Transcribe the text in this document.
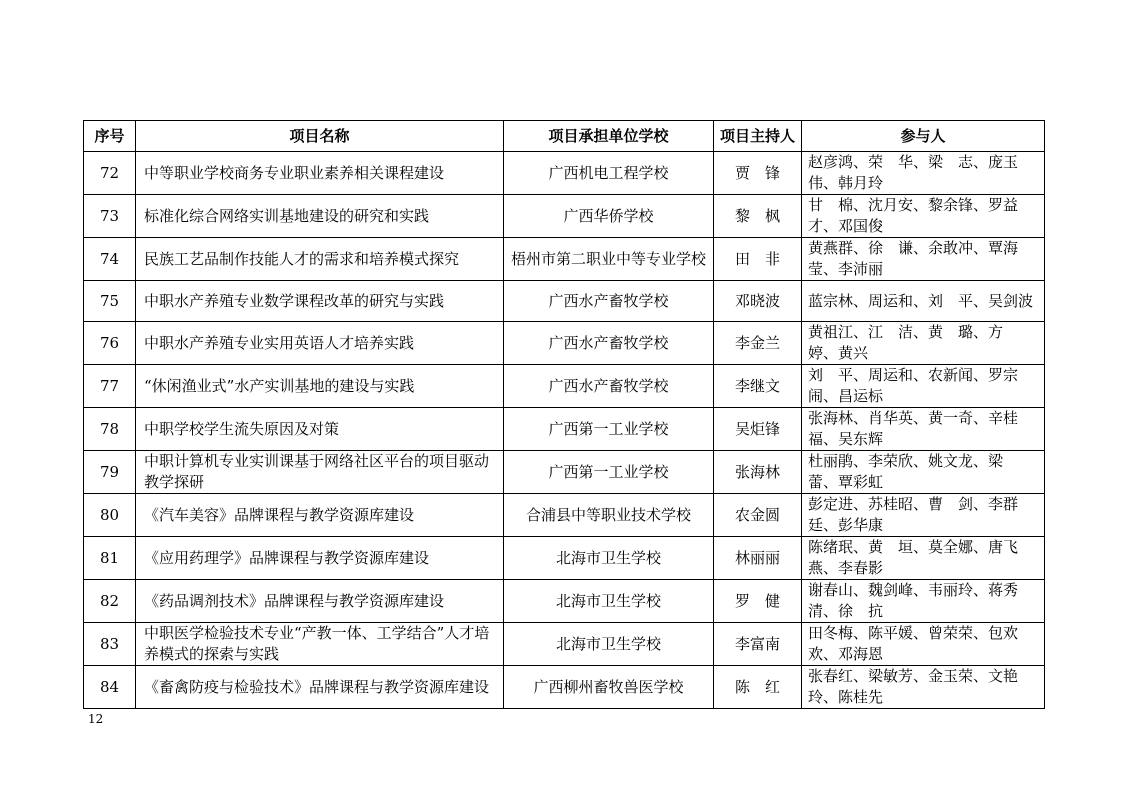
序号	项目名称	项目承担单位学校	项目主持人	参与人
72	中等职业学校商务专业职业素养相关课程建设	广西机电工程学校	贾　锋	赵彦鸿、荣　华、梁　志、庞玉伟、韩月玲
73	标准化综合网络实训基地建设的研究和实践	广西华侨学校	黎　枫	甘　棉、沈月安、黎余锋、罗益才、邓国俊
74	民族工艺品制作技能人才的需求和培养模式探究	梧州市第二职业中等专业学校	田　非	黄燕群、徐　谦、余敢冲、覃海莹、李沛丽
75	中职水产养殖专业数学课程改革的研究与实践	广西水产畜牧学校	邓晓波	蓝宗林、周运和、刘　平、吴剑波
76	中职水产养殖专业实用英语人才培养实践	广西水产畜牧学校	李金兰	黄祖江、江　洁、黄　璐、方　婷、黄兴
77	“休闲渔业式”水产实训基地的建设与实践	广西水产畜牧学校	李继文	刘　平、周运和、农新闻、罗宗闹、昌运标
78	中职学校学生流失原因及对策	广西第一工业学校	吴炬锋	张海林、肖华英、黄一奇、辛桂福、吴东辉
79	中职计算机专业实训课基于网络社区平台的项目驱动教学探研	广西第一工业学校	张海林	杜丽鹃、李荣欣、姚文龙、梁　蕾、覃彩虹
80	《汽车美容》品牌课程与教学资源库建设	合浦县中等职业技术学校	农金圆	彭定进、苏桂昭、曹　剑、李群廷、彭华康
81	《应用药理学》品牌课程与教学资源库建设	北海市卫生学校	林丽丽	陈绪珉、黄　垣、莫全娜、唐飞燕、李春影
82	《药品调剂技术》品牌课程与教学资源库建设	北海市卫生学校	罗　健	谢春山、魏剑峰、韦丽玲、蒋秀清、徐　抗
83	中职医学检验技术专业“产教一体、工学结合”人才培养模式的探索与实践	北海市卫生学校	李富南	田冬梅、陈平媛、曾荣荣、包欢欢、邓海恩
84	《畜禽防疫与检验技术》品牌课程与教学资源库建设	广西柳州畜牧兽医学校	陈　红	张春红、梁敏芳、金玉荣、文艳玲、陈桂先
12
